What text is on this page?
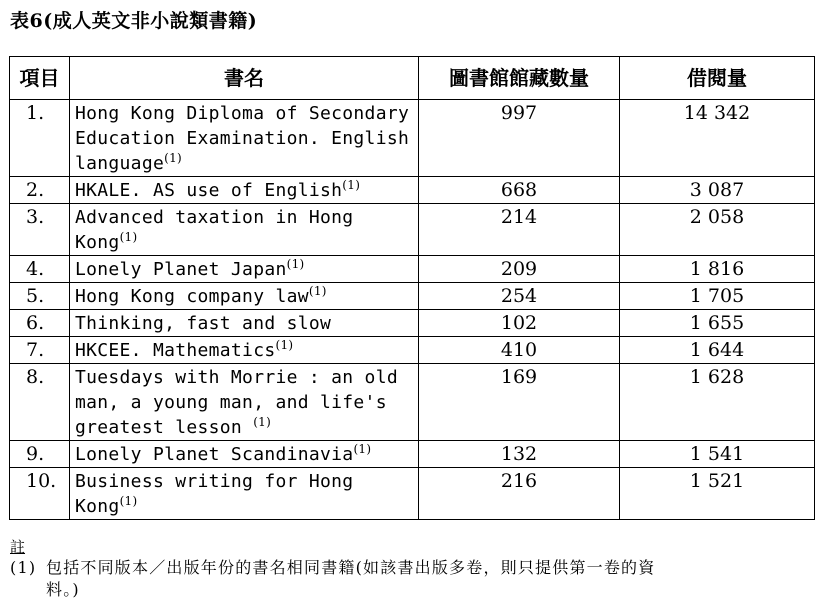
表6(成人英文非小說類書籍)
項目	書名	圖書館館藏數量	借閱量
1.	Hong Kong Diploma of Secondary Education Examination. English language$^{(1)}$	997	14 342
2.	HKALE. AS use of English$^{(1)}$	668	3 087
3.	Advanced taxation in Hong Kong$^{(1)}$	214	2 058
4.	Lonely Planet Japan$^{(1)}$	209	1 816
5.	Hong Kong company law$^{(1)}$	254	1 705
6.	Thinking, fast and slow	102	1 655
7.	HKCEE. Mathematics$^{(1)}$	410	1 644
8.	Tuesdays with Morrie : an old man, a young man, and life's greatest lesson $^{(1)}$	169	1 628
9.	Lonely Planet Scandinavia$^{(1)}$	132	1 541
10.	Business writing for Hong Kong$^{(1)}$	216	1 521
註
(1) 包括不同版本／出版年份的書名相同書籍(如該書出版多卷，則只提供第一卷的資
料。)
